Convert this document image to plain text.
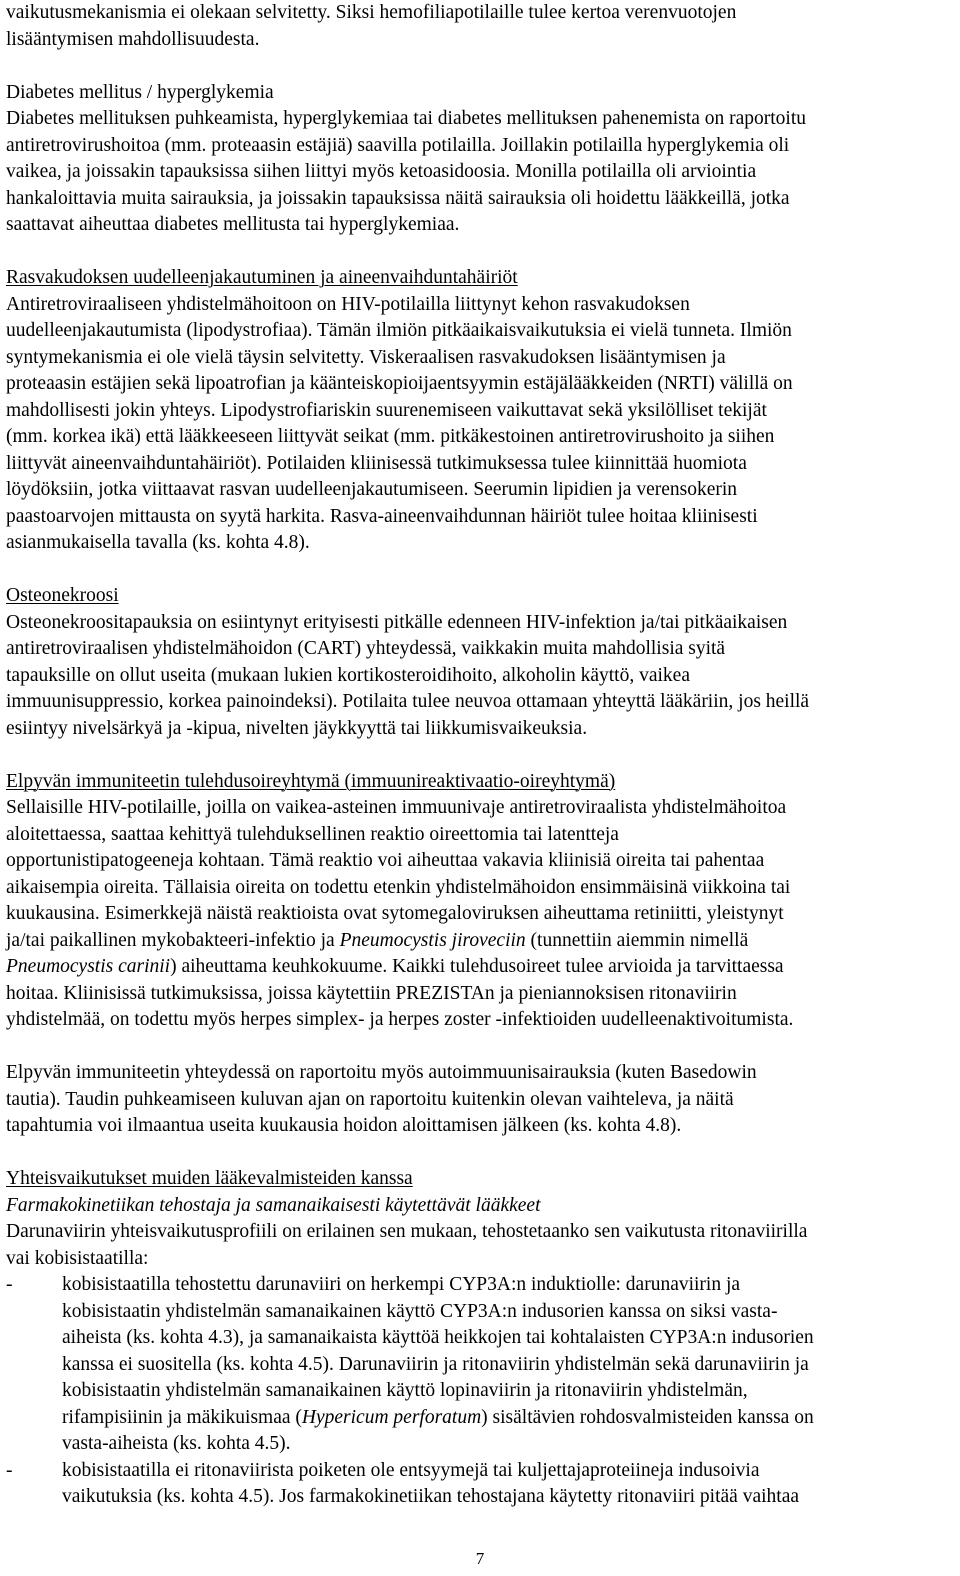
vaikutusmekanismia ei olekaan selvitetty. Siksi hemofiliapotilaille tulee kertoa verenvuotojen
lisääntymisen mahdollisuudesta.
Diabetes mellitus / hyperglykemia
Diabetes mellituksen puhkeamista, hyperglykemiaa tai diabetes mellituksen pahenemista on raportoitu
antiretrovirushoitoa (mm. proteaasin estäjiä) saavilla potilailla. Joillakin potilailla hyperglykemia oli
vaikea, ja joissakin tapauksissa siihen liittyi myös ketoasidoosia. Monilla potilailla oli arviointia
hankaloittavia muita sairauksia, ja joissakin tapauksissa näitä sairauksia oli hoidettu lääkkeillä, jotka
saattavat aiheuttaa diabetes mellitusta tai hyperglykemiaa.
Rasvakudoksen uudelleenjakautuminen ja aineenvaihduntahäiriöt
Antiretroviraaliseen yhdistelmähoitoon on HIV-potilailla liittynyt kehon rasvakudoksen
uudelleenjakautumista (lipodystrofiaa). Tämän ilmiön pitkäaikaisvaikutuksia ei vielä tunneta. Ilmiön
syntymekanismia ei ole vielä täysin selvitetty. Viskeraalisen rasvakudoksen lisääntymisen ja
proteaasin estäjien sekä lipoatrofian ja käänteiskopioijaentsyymin estäjälääkkeiden (NRTI) välillä on
mahdollisesti jokin yhteys. Lipodystrofiariskin suurenemiseen vaikuttavat sekä yksilölliset tekijät
(mm. korkea ikä) että lääkkeeseen liittyvät seikat (mm. pitkäkestoinen antiretrovirushoito ja siihen
liittyvät aineenvaihduntahäiriöt). Potilaiden kliinisessä tutkimuksessa tulee kiinnittää huomiota
löydöksiin, jotka viittaavat rasvan uudelleenjakautumiseen. Seerumin lipidien ja verensokerin
paastoarvojen mittausta on syytä harkita. Rasva-aineenvaihdunnan häiriöt tulee hoitaa kliinisesti
asianmukaisella tavalla (ks. kohta 4.8).
Osteonekroosi
Osteonekroositapauksia on esiintynyt erityisesti pitkälle edenneen HIV-infektion ja/tai pitkäaikaisen
antiretroviraalisen yhdistelmähoidon (CART) yhteydessä, vaikkakin muita mahdollisia syitä
tapauksille on ollut useita (mukaan lukien kortikosteroidihoito, alkoholin käyttö, vaikea
immuunisuppressio, korkea painoindeksi). Potilaita tulee neuvoa ottamaan yhteyttä lääkäriin, jos heillä
esiintyy nivelsärkyä ja -kipua, nivelten jäykkyyttä tai liikkumisvaikeuksia.
Elpyvän immuniteetin tulehdusoireyhtymä (immuunireaktivaatio-oireyhtymä)
Sellaisille HIV-potilaille, joilla on vaikea-asteinen immuunivaje antiretroviraalista yhdistelmähoitoa
aloitettaessa, saattaa kehittyä tulehduksellinen reaktio oireettomia tai latentteja
opportunistipatogeeneja kohtaan. Tämä reaktio voi aiheuttaa vakavia kliinisiä oireita tai pahentaa
aikaisempia oireita. Tällaisia oireita on todettu etenkin yhdistelmähoidon ensimmäisinä viikkoina tai
kuukausina. Esimerkkejä näistä reaktioista ovat sytomegaloviruksen aiheuttama retiniitti, yleistynyt
ja/tai paikallinen mykobakteeri-infektio ja Pneumocystis jiroveciin (tunnettiin aiemmin nimellä
Pneumocystis carinii) aiheuttama keuhkokuume. Kaikki tulehdusoireet tulee arvioida ja tarvittaessa
hoitaa. Kliinisissä tutkimuksissa, joissa käytettiin PREZISTAn ja pieniannoksisen ritonaviirin
yhdistelmää, on todettu myös herpes simplex- ja herpes zoster -infektioiden uudelleenaktivoitumista.
Elpyvän immuniteetin yhteydessä on raportoitu myös autoimmuunisairauksia (kuten Basedowin
tautia). Taudin puhkeamiseen kuluvan ajan on raportoitu kuitenkin olevan vaihteleva, ja näitä
tapahtumia voi ilmaantua useita kuukausia hoidon aloittamisen jälkeen (ks. kohta 4.8).
Yhteisvaikutukset muiden lääkevalmisteiden kanssa
Farmakokinetiikan tehostaja ja samanaikaisesti käytettävät lääkkeet
Darunaviirin yhteisvaikutusprofiili on erilainen sen mukaan, tehostetaanko sen vaikutusta ritonaviirilla
vai kobisistaatilla:
-	kobisistaatilla tehostettu darunaviiri on herkempi CYP3A:n induktiolle: darunaviirin ja
kobisistaatin yhdistelmän samanaikainen käyttö CYP3A:n indusorien kanssa on siksi vasta-
aiheista (ks. kohta 4.3), ja samanaikaista käyttöä heikkojen tai kohtalaisten CYP3A:n indusorien
kanssa ei suositella (ks. kohta 4.5). Darunaviirin ja ritonaviirin yhdistelmän sekä darunaviirin ja
kobisistaatin yhdistelmän samanaikainen käyttö lopinaviirin ja ritonaviirin yhdistelmän,
rifampisiinin ja mäkikuismaa (Hypericum perforatum) sisältävien rohdosvalmisteiden kanssa on
vasta-aiheista (ks. kohta 4.5).
-	kobisistaatilla ei ritonaviirista poiketen ole entsyymejä tai kuljettajaproteiineja indusoivia
vaikutuksia (ks. kohta 4.5). Jos farmakokinetiikan tehostajana käytetty ritonaviiri pitää vaihtaa
7
